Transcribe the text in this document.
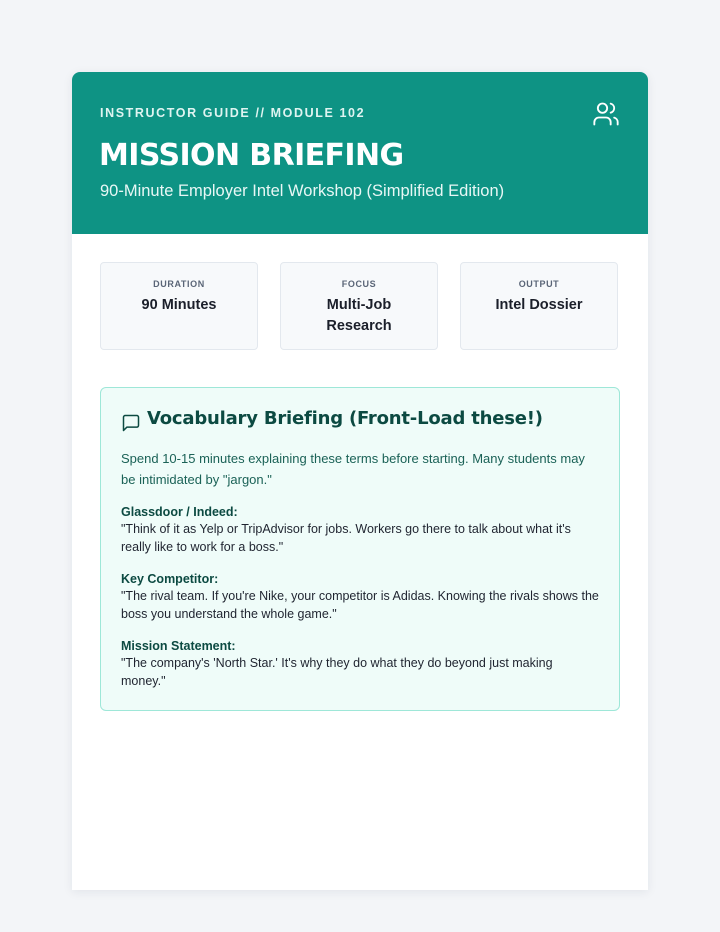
INSTRUCTOR GUIDE // MODULE 102
MISSION BRIEFING
90-Minute Employer Intel Workshop (Simplified Edition)
DURATION
90 Minutes
FOCUS
Multi-Job Research
OUTPUT
Intel Dossier
Vocabulary Briefing (Front-Load these!)
Spend 10-15 minutes explaining these terms before starting. Many students may be intimidated by "jargon."
Glassdoor / Indeed:
"Think of it as Yelp or TripAdvisor for jobs. Workers go there to talk about what it's really like to work for a boss."
Key Competitor:
"The rival team. If you're Nike, your competitor is Adidas. Knowing the rivals shows the boss you understand the whole game."
Mission Statement:
"The company's 'North Star.' It's why they do what they do beyond just making money."
